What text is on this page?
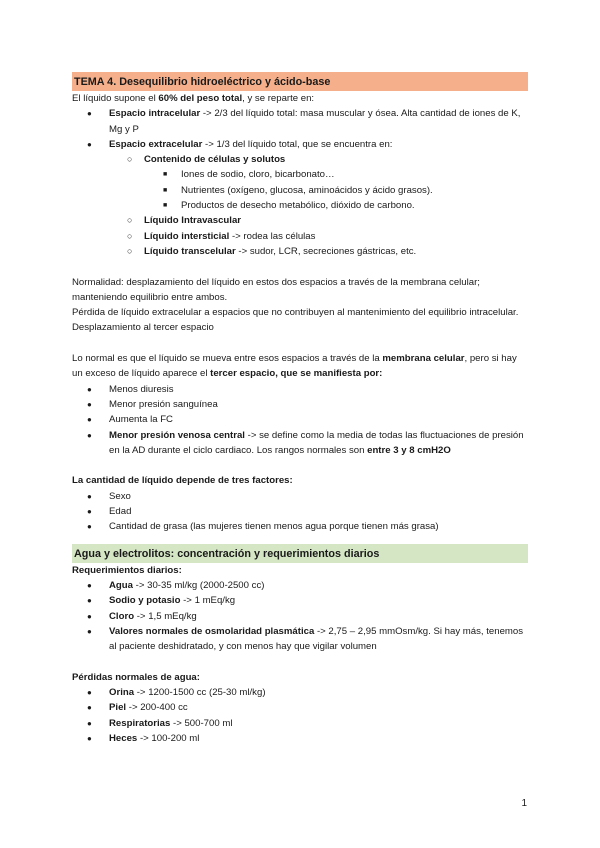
TEMA 4. Desequilibrio hidroeléctrico y ácido-base

El líquido supone el 60% del peso total, y se reparte en:

● Espacio intracelular -> 2/3 del líquido total: masa muscular y ósea. Alta cantidad de iones de K, Mg y P
● Espacio extracelular -> 1/3 del líquido total, que se encuentra en:
○ Contenido de células y solutos
■ Iones de sodio, cloro, bicarbonato…
■ Nutrientes (oxígeno, glucosa, aminoácidos y ácido grasos).
■ Productos de desecho metabólico, dióxido de carbono.
○ Líquido Intravascular
○ Líquido intersticial -> rodea las células
○ Líquido transcelular -> sudor, LCR, secreciones gástricas, etc.

Normalidad: desplazamiento del líquido en estos dos espacios a través de la membrana celular; manteniendo equilibrio entre ambos.

Pérdida de líquido extracelular a espacios que no contribuyen al mantenimiento del equilibrio intracelular. Desplazamiento al tercer espacio

Lo normal es que el líquido se mueva entre esos espacios a través de la membrana celular, pero si hay un exceso de líquido aparece el tercer espacio, que se manifiesta por:

● Menos diuresis
● Menor presión sanguínea
● Aumenta la FC
● Menor presión venosa central -> se define como la media de todas las fluctuaciones de presión en la AD durante el ciclo cardiaco. Los rangos normales son entre 3 y 8 cmH2O

La cantidad de líquido depende de tres factores:

● Sexo
● Edad
● Cantidad de grasa (las mujeres tienen menos agua porque tienen más grasa)
Agua y electrolitos: concentración y requerimientos diarios

Requerimientos diarios:

● Agua -> 30-35 ml/kg (2000-2500 cc)
● Sodio y potasio -> 1 mEq/kg
● Cloro -> 1,5 mEq/kg
● Valores normales de osmolaridad plasmática -> 2,75 – 2,95 mmOsm/kg. Si hay más, tenemos al paciente deshidratado, y con menos hay que vigilar volumen

Pérdidas normales de agua:

● Orina -> 1200-1500 cc (25-30 ml/kg)
● Piel -> 200-400 cc
● Respiratorias -> 500-700 ml
● Heces -> 100-200 ml
1
